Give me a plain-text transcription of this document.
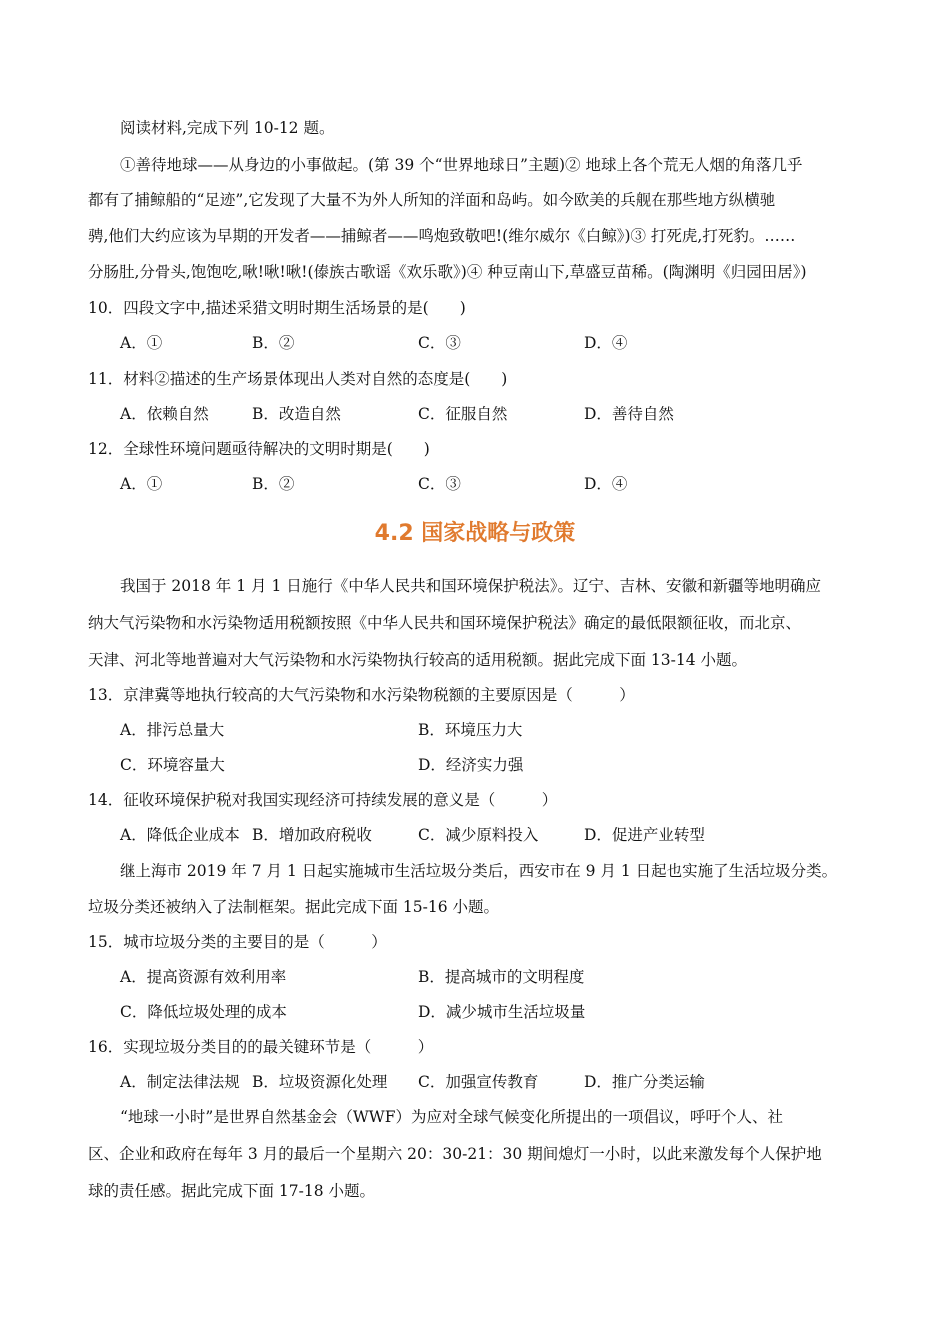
阅读材料,完成下列 10-12 题。
①善待地球——从身边的小事做起。(第 39 个“世界地球日”主题)② 地球上各个荒无人烟的角落几乎
都有了捕鲸船的“足迹”,它发现了大量不为外人所知的洋面和岛屿。如今欧美的兵舰在那些地方纵横驰
骋,他们大约应该为早期的开发者——捕鲸者——鸣炮致敬吧!(维尔威尔《白鲸》)③ 打死虎,打死豹。……
分肠肚,分骨头,饱饱吃,啾!啾!啾!(傣族古歌谣《欢乐歌》)④ 种豆南山下,草盛豆苗稀。(陶渊明《归园田居》)
10．四段文字中,描述采猎文明时期生活场景的是(　　)
A．①	B．②	C．③	D．④
11．材料②描述的生产场景体现出人类对自然的态度是(　　)
A．依赖自然	B．改造自然	C．征服自然	D．善待自然
12．全球性环境问题亟待解决的文明时期是(　　)
A．①	B．②	C．③	D．④
4.2 国家战略与政策
我国于 2018 年 1 月 1 日施行《中华人民共和国环境保护税法》。辽宁、吉林、安徽和新疆等地明确应
纳大气污染物和水污染物适用税额按照《中华人民共和国环境保护税法》确定的最低限额征收，而北京、
天津、河北等地普遍对大气污染物和水污染物执行较高的适用税额。据此完成下面 13-14 小题。
13．京津冀等地执行较高的大气污染物和水污染物税额的主要原因是（　　　）
A．排污总量大	B．环境压力大
C．环境容量大	D．经济实力强
14．征收环境保护税对我国实现经济可持续发展的意义是（　　　）
A．降低企业成本 B．增加政府税收	C．减少原料投入	D．促进产业转型
继上海市 2019 年 7 月 1 日起实施城市生活垃圾分类后，西安市在 9 月 1 日起也实施了生活垃圾分类。
垃圾分类还被纳入了法制框架。据此完成下面 15-16 小题。
15．城市垃圾分类的主要目的是（　　　）
A．提高资源有效利用率	B．提高城市的文明程度
C．降低垃圾处理的成本	D．减少城市生活垃圾量
16．实现垃圾分类目的的最关键环节是（　　　）
A．制定法律法规 B．垃圾资源化处理 C．加强宣传教育	D．推广分类运输
“地球一小时”是世界自然基金会（WWF）为应对全球气候变化所提出的一项倡议，呼吁个人、社
区、企业和政府在每年 3 月的最后一个星期六 20：30-21：30 期间熄灯一小时，以此来激发每个人保护地
球的责任感。据此完成下面 17-18 小题。
